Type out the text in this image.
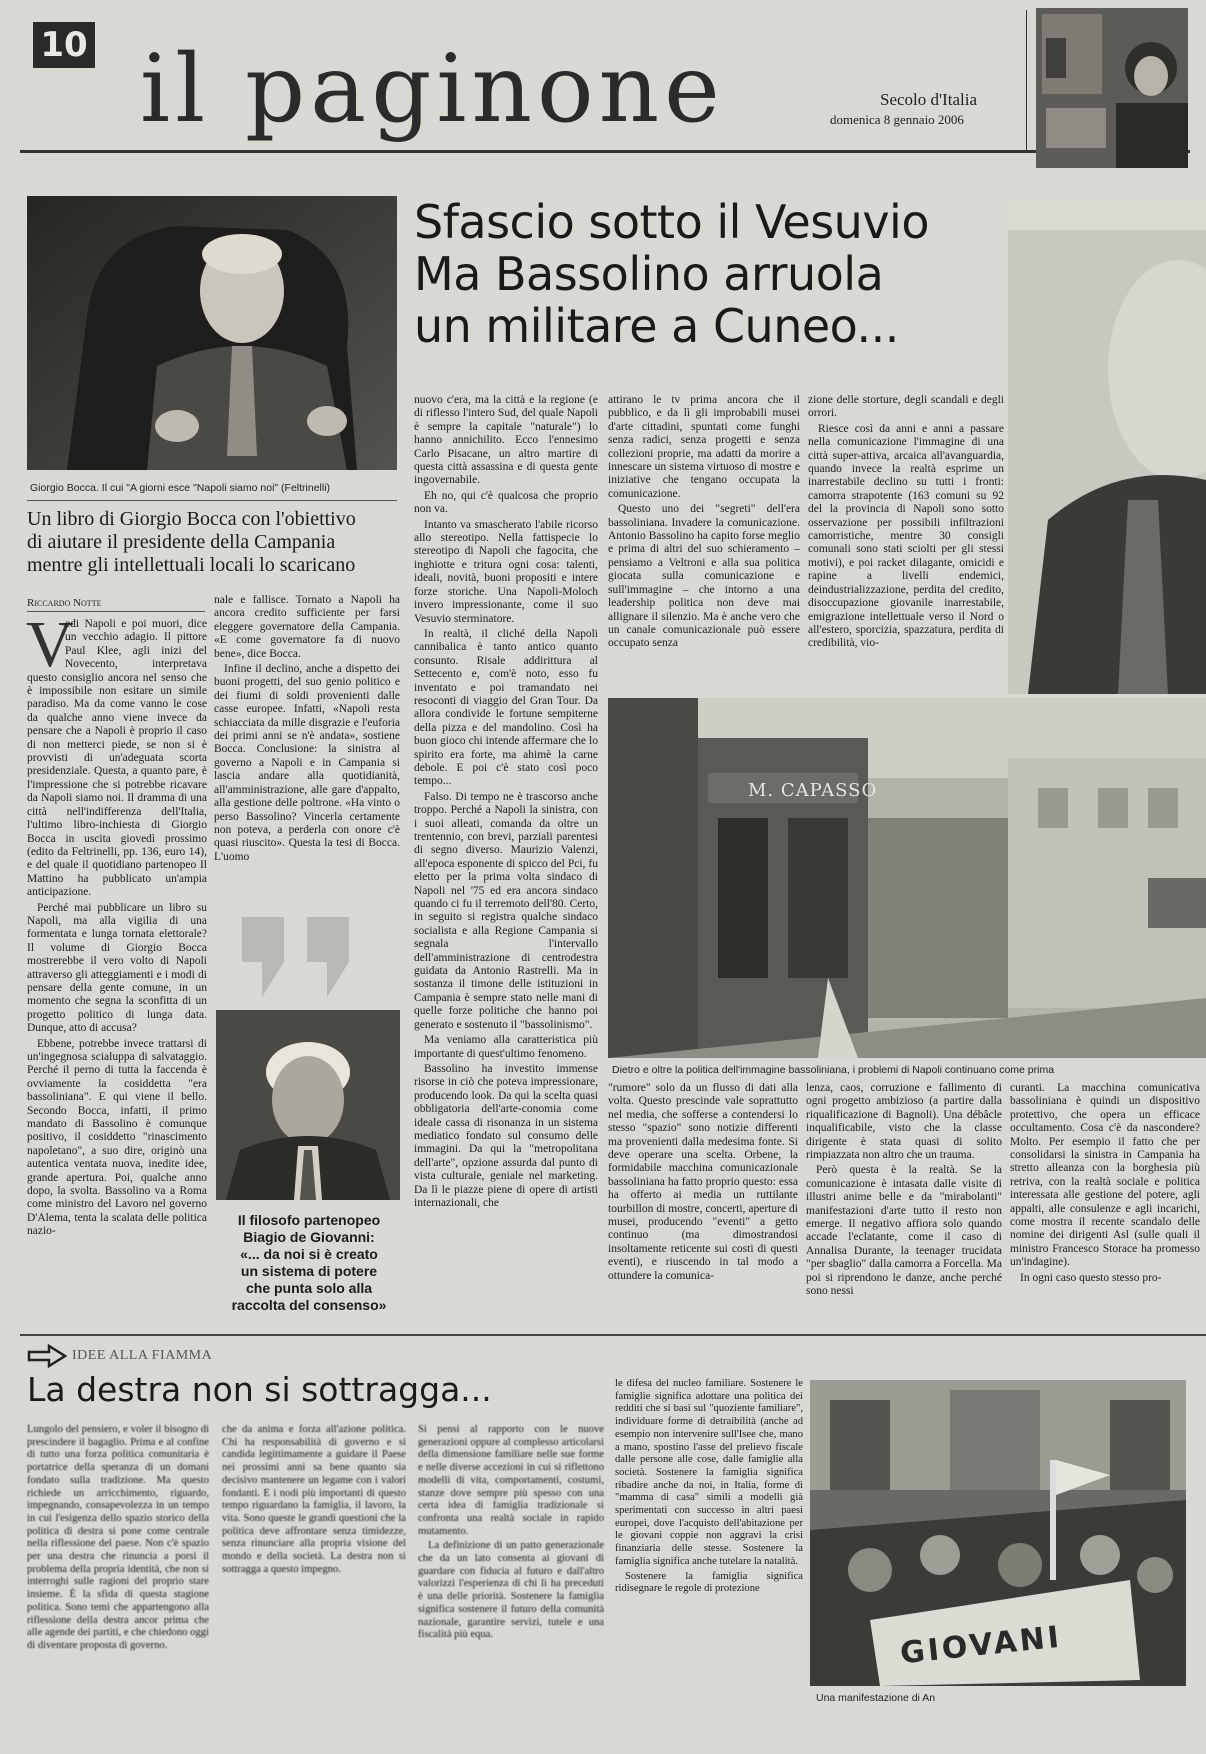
10 il paginone	Secolo d'Italia
domenica 8 gennaio 2006
Giorgio Bocca. Il cui "A giorni esce "Napoli siamo noi" (Feltrinelli)
Un libro di Giorgio Bocca con l'obiettivo
di aiutare il presidente della Campania
mentre gli intellettuali locali lo scaricano
Riccardo Notte
V

edi Napoli e poi muori, dice un vecchio adagio. Il pittore Paul Klee, agli inizi del Novecento, interpretava questo consiglio ancora nel senso che è impossibile non esitare un simile paradiso. Ma da come vanno le cose da qualche anno viene invece da pensare che a Napoli è proprio il caso di non metterci piede, se non si è provvisti di un'adeguata scorta presidenziale. Questa, a quanto pare, è l'impressione che si potrebbe ricavare da Napoli siamo noi. Il dramma di una città nell'indifferenza dell'Italia, l'ultimo libro-inchiesta di Giorgio Bocca in uscita giovedì prossimo (edito da Feltrinelli, pp. 136, euro 14), e del quale il quotidiano partenopeo Il Mattino ha pubblicato un'ampia anticipazione.

Perché mai pubblicare un libro su Napoli, ma alla vigilia di una formentata e lunga tornata elettorale? Il volume di Giorgio Bocca mostrerebbe il vero volto di Napoli attraverso gli atteggiamenti e i modi di pensare della gente comune, in un momento che segna la sconfitta di un progetto politico di lunga data. Dunque, atto di accusa?

Ebbene, potrebbe invece trattarsi di un'ingegnosa scialuppa di salvataggio. Perché il perno di tutta la faccenda è ovviamente la cosiddetta "era bassoliniana". E qui viene il bello. Secondo Bocca, infatti, il primo mandato di Bassolino è comunque positivo, il cosiddetto "rinascimento napoletano", a suo dire, originò una autentica ventata nuova, inedite idee, grande apertura. Poi, qualche anno dopo, la svolta. Bassolino va a Roma come ministro del Lavoro nel governo D'Alema, tenta la scalata delle politica nazio-

nale e fallisce. Tornato a Napoli ha ancora credito sufficiente per farsi eleggere governatore della Campania. «E come governatore fa di nuovo bene», dice Bocca.

Infine il declino, anche a dispetto dei buoni progetti, del suo genio politico e dei fiumi di soldi provenienti dalle casse europee. Infatti, «Napoli resta schiacciata da mille disgrazie e l'euforia dei primi anni se n'è andata», sostiene Bocca. Conclusione: la sinistra al governo a Napoli e in Campania si lascia andare alla quotidianità, all'amministrazione, alle gare d'appalto, alla gestione delle poltrone. «Ha vinto o perso Bassolino? Vincerla certamente non poteva, a perderla con onore c'è quasi riuscito». Questa la tesi di Bocca. L'uomo

Il filosofo partenopeo
Biagio de Giovanni:
«... da noi si è creato
un sistema di potere
che punta solo alla
raccolta del consenso»
Sfascio sotto il Vesuvio
Ma Bassolino arruola
un militare a Cuneo...

nuovo c'era, ma la città e la regione (e di riflesso l'intero Sud, del quale Napoli è sempre la capitale "naturale") lo hanno annichilito. Ecco l'ennesimo Carlo Pisacane, un altro martire di questa città assassina e di questa gente ingovernabile.

Eh no, qui c'è qualcosa che proprio non va.

Intanto va smascherato l'abile ricorso allo stereotipo. Nella fattispecie lo stereotipo di Napoli che fagocita, che inghiotte e tritura ogni cosa: talenti, ideali, novità, buoni propositi e intere forze storiche. Una Napoli-Moloch invero impressionante, come il suo Vesuvio sterminatore.

In realtà, il cliché della Napoli cannibalica è tanto antico quanto consunto. Risale addirittura al Settecento e, com'è noto, esso fu inventato e poi tramandato nei resoconti di viaggio del Gran Tour. Da allora condivide le fortune sempiterne della pizza e del mandolino. Così ha buon gioco chi intende affermare che lo spirito era forte, ma ahimè la carne debole. E poi c'è stato così poco tempo...

Falso. Di tempo ne è trascorso anche troppo. Perché a Napoli la sinistra, con i suoi alleati, comanda da oltre un trentennio, con brevi, parziali parentesi di segno diverso. Maurizio Valenzi, all'epoca esponente di spicco del Pci, fu eletto per la prima volta sindaco di Napoli nel '75 ed era ancora sindaco quando ci fu il terremoto dell'80. Certo, in seguito si registra qualche sindaco socialista e alla Regione Campania si segnala l'intervallo dell'amministrazione di centrodestra guidata da Antonio Rastrelli. Ma in sostanza il timone delle istituzioni in Campania è sempre stato nelle mani di quelle forze politiche che hanno poi generato e sostenuto il "bassolinismo".

Ma veniamo alla caratteristica più importante di quest'ultimo fenomeno.

Bassolino ha investito immense risorse in ciò che poteva impressionare, producendo look. Da qui la scelta quasi obbligatoria dell'arte-conomia come ideale cassa di risonanza in un sistema mediatico fondato sul consumo delle immagini. Da qui la "metropolitana dell'arte", opzione assurda dal punto di vista culturale, geniale nel marketing. Da lì le piazze piene di opere di artisti internazionali, che

attirano le tv prima ancora che il pubblico, e da lì gli improbabili musei d'arte cittadini, spuntati come funghi senza radici, senza progetti e senza collezioni proprie, ma adatti da morire a innescare un sistema virtuoso di mostre e iniziative che tengano occupata la comunicazione.

Questo uno dei "segreti" dell'era bassoliniana. Invadere la comunicazione. Antonio Bassolino ha capito forse meglio e prima di altri del suo schieramento – pensiamo a Veltroni e alla sua politica giocata sulla comunicazione e sull'immagine – che intorno a una leadership politica non deve mai allignare il silenzio. Ma è anche vero che un canale comunicazionale può essere occupato senza

zione delle storture, degli scandali e degli orrori.

Riesce così da anni e anni a passare nella comunicazione l'immagine di una città super-attiva, arcaica all'avanguardia, quando invece la realtà esprime un inarrestabile declino su tutti i fronti: camorra strapotente (163 comuni su 92 del la provincia di Napoli sono sotto osservazione per possibili infiltrazioni camorristiche, mentre 30 consigli comunali sono stati sciolti per gli stessi motivi), e poi racket dilagante, omicidi e rapine a livelli endemici, deindustrializzazione, perdita del credito, disoccupazione giovanile inarrestabile, emigrazione intellettuale verso il Nord o all'estero, sporcizia, spazzatura, perdita di credibilità, vio-

M. CAPASSO
Dietro e oltre la politica dell'immagine bassoliniana, i problemi di Napoli continuano come prima

"rumore" solo da un flusso di dati alla volta. Questo prescinde vale soprattutto nel media, che sofferse a contendersi lo stesso "spazio" sono notizie differenti ma provenienti dalla medesima fonte. Si deve operare una scelta. Orbene, la formidabile macchina comunicazionale bassoliniana ha fatto proprio questo: essa ha offerto ai media un ruttilante tourbillon di mostre, concerti, aperture di musei, producendo "eventi" a getto continuo (ma dimostrandosi insoltamente reticente sui costi di questi eventi), e riuscendo in tal modo a ottundere la comunica-

lenza, caos, corruzione e fallimento di ogni progetto ambizioso (a partire dalla riqualificazione di Bagnoli). Una débâcle inqualificabile, visto che la classe dirigente è stata quasi di solito rimpiazzata non altro che un trauma.

Però questa è la realtà. Se la comunicazione è intasata dalle visite di illustri anime belle e da "mirabolanti" manifestazioni d'arte tutto il resto non emerge. Il negativo affiora solo quando accade l'eclatante, come il caso di Annalisa Durante, la teenager trucidata "per sbaglio" dalla camorra a Forcella. Ma poi si riprendono le danze, anche perché sono nessi

curanti. La macchina comunicativa bassoliniana è quindi un dispositivo protettivo, che opera un efficace occultamento. Cosa c'è da nascondere? Molto. Per esempio il fatto che per consolidarsi la sinistra in Campania ha stretto alleanza con la borghesia più retriva, con la realtà sociale e politica interessata alle gestione del potere, agli appalti, alle consulenze e agli incarichi, come mostra il recente scandalo delle nomine dei dirigenti Asl (sulle quali il ministro Francesco Storace ha promesso un'indagine).

In ogni caso questo stesso pro-

IDEE ALLA FIAMMA
La destra non si sottragga...

Lungolo del pensiero, e voler il bisogno di prescindere il bagaglio. Prima e al confine di tutto una forza politica comunitaria è portatrice della speranza di un domani fondato sulla tradizione. Ma questo richiede un arricchimento, riguardo, impegnando, consapevolezza in un tempo in cui l'esigenza dello spazio storico della politica di destra si pone come centrale nella riflessione del paese. Non c'è spazio per una destra che rinuncia a porsi il problema della propria identità, che non si interroghi sulle ragioni del proprio stare insieme. È la sfida di questa stagione politica. Sono temi che appartengono alla riflessione della destra ancor prima che alle agende dei partiti, e che chiedono oggi di diventare proposta di governo.

che da anima e forza all'azione politica. Chi ha responsabilità di governo e si candida legittimamente a guidare il Paese nei prossimi anni sa bene quanto sia decisivo mantenere un legame con i valori fondanti. E i nodi più importanti di questo tempo riguardano la famiglia, il lavoro, la vita. Sono queste le grandi questioni che la politica deve affrontare senza timidezze, senza rinunciare alla propria visione del mondo e della società. La destra non si sottragga a questo impegno.

Si pensi al rapporto con le nuove generazioni oppure al complesso articolarsi della dimensione familiare nelle sue forme e nelle diverse accezioni in cui si riflettono modelli di vita, comportamenti, costumi, stanze dove sempre più spesso con una certa idea di famiglia tradizionale si confronta una realtà sociale in rapido mutamento.

La definizione di un patto generazionale che da un lato consenta ai giovani di guardare con fiducia al futuro e dall'altro valorizzi l'esperienza di chi li ha preceduti è una delle priorità. Sostenere la famiglia significa sostenere il futuro della comunità nazionale, garantire servizi, tutele e una fiscalità più equa.

le difesa del nucleo familiare. Sostenere le famiglie significa adottare una politica dei redditi che si basi sul "quoziente familiare", individuare forme di detraibilità (anche ad esempio non intervenire sull'Isee che, mano a mano, spostino l'asse del prelievo fiscale dalle persone alle cose, dalle famiglie alla società. Sostenere la famiglia significa ribadire anche da noi, in Italia, forme di "mamma di casa" simili a modelli già sperimentati con successo in altri paesi europei, dove l'acquisto dell'abitazione per le giovani coppie non aggravi la crisi finanziaria delle stesse. Sostenere la famiglia significa anche tutelare la natalità.

Sostenere la famiglia significa ridisegnare le regole di protezione

GIOVANI
Una manifestazione di An
